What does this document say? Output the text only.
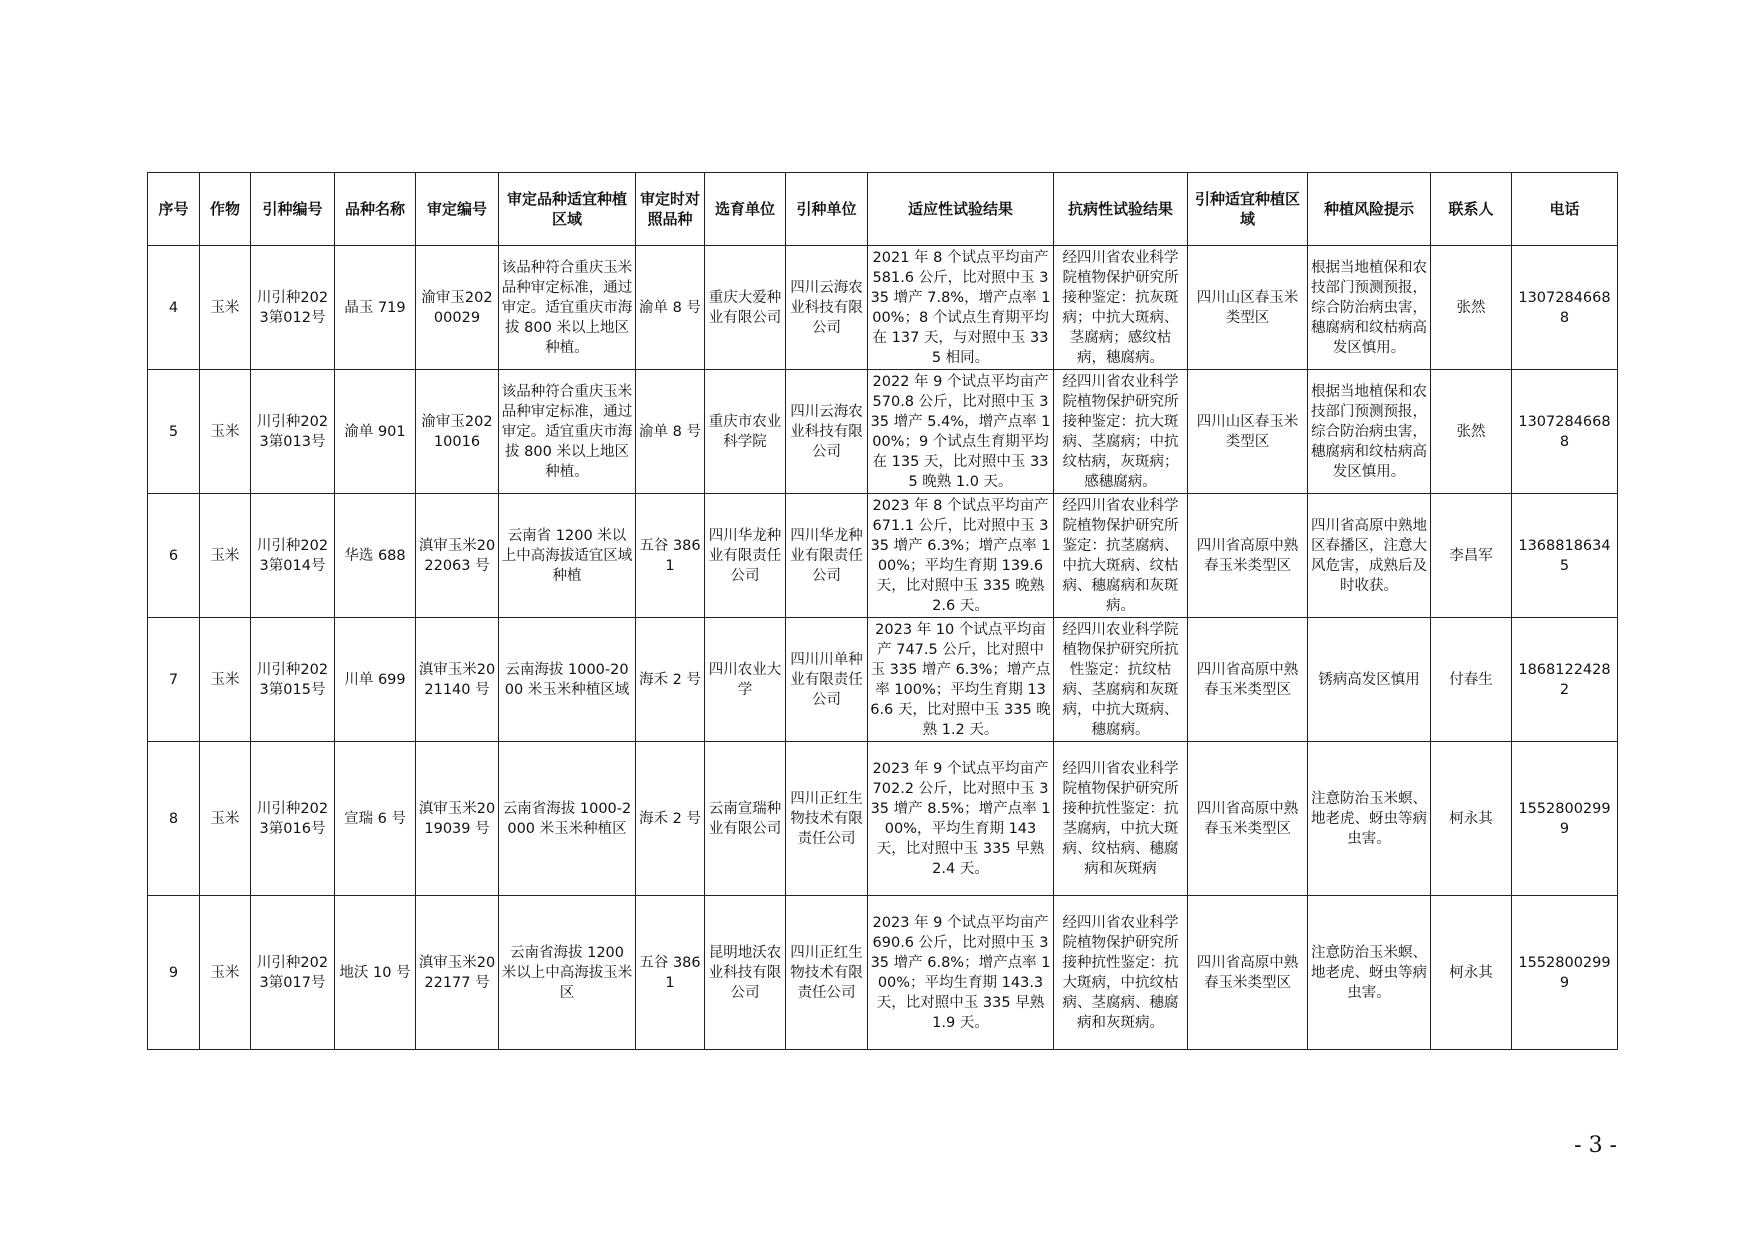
序号	作物	引种编号	品种名称	审定编号	审定品种适宜种植区域	审定时对照品种	选育单位	引种单位	适应性试验结果	抗病性试验结果	引种适宜种植区域	种植风险提示	联系人	电话
4	玉米	川引种2023第012号	晶玉 719	渝审玉20200029	该品种符合重庆玉米品种审定标准，通过审定。适宜重庆市海拔 800 米以上地区种植。	渝单 8 号	重庆大爱种业有限公司	四川云海农业科技有限公司	2021 年 8 个试点平均亩产 581.6 公斤，比对照中玉 335 增产 7.8%，增产点率 100%；8 个试点生育期平均在 137 天，与对照中玉 335 相同。	经四川省农业科学院植物保护研究所接种鉴定：抗灰斑病；中抗大斑病、茎腐病；感纹枯病，穗腐病。	四川山区春玉米类型区	根据当地植保和农技部门预测预报，综合防治病虫害，穗腐病和纹枯病高发区慎用。	张然	13072846688
5	玉米	川引种2023第013号	渝单 901	渝审玉20210016	该品种符合重庆玉米品种审定标准，通过审定。适宜重庆市海拔 800 米以上地区种植。	渝单 8 号	重庆市农业科学院	四川云海农业科技有限公司	2022 年 9 个试点平均亩产 570.8 公斤，比对照中玉 335 增产 5.4%，增产点率 100%；9 个试点生育期平均在 135 天，比对照中玉 335 晚熟 1.0 天。	经四川省农业科学院植物保护研究所接种鉴定：抗大斑病、茎腐病；中抗纹枯病，灰斑病；感穗腐病。	四川山区春玉米类型区	根据当地植保和农技部门预测预报，综合防治病虫害，穗腐病和纹枯病高发区慎用。	张然	13072846688
6	玉米	川引种2023第014号	华选 688	滇审玉米2022063 号	云南省 1200 米以上中高海拔适宜区域种植	五谷 3861	四川华龙种业有限责任公司	四川华龙种业有限责任公司	2023 年 8 个试点平均亩产 671.1 公斤，比对照中玉 335 增产 6.3%；增产点率 100%；平均生育期 139.6 天，比对照中玉 335 晚熟 2.6 天。	经四川省农业科学院植物保护研究所鉴定：抗茎腐病、中抗大斑病、纹枯病、穗腐病和灰斑病。	四川省高原中熟春玉米类型区	四川省高原中熟地区春播区，注意大风危害，成熟后及时收获。	李昌军	13688186345
7	玉米	川引种2023第015号	川单 699	滇审玉米2021140 号	云南海拔 1000-2000 米玉米种植区域	海禾 2 号	四川农业大学	四川川单种业有限责任公司	2023 年 10 个试点平均亩产 747.5 公斤，比对照中玉 335 增产 6.3%；增产点率 100%；平均生育期 136.6 天，比对照中玉 335 晚熟 1.2 天。	经四川农业科学院植物保护研究所抗性鉴定：抗纹枯病、茎腐病和灰斑病，中抗大斑病、穗腐病。	四川省高原中熟春玉米类型区	锈病高发区慎用	付春生	18681224282
8	玉米	川引种2023第016号	宣瑞 6 号	滇审玉米2019039 号	云南省海拔 1000-2000 米玉米种植区	海禾 2 号	云南宣瑞种业有限公司	四川正红生物技术有限责任公司	2023 年 9 个试点平均亩产 702.2 公斤，比对照中玉 335 增产 8.5%；增产点率 100%，平均生育期 143 天，比对照中玉 335 早熟 2.4 天。	经四川省农业科学院植物保护研究所接种抗性鉴定：抗茎腐病，中抗大斑病、纹枯病、穗腐病和灰斑病	四川省高原中熟春玉米类型区	注意防治玉米螟、地老虎、蚜虫等病虫害。	柯永其	15528002999
9	玉米	川引种2023第017号	地沃 10 号	滇审玉米2022177 号	云南省海拔 1200 米以上中高海拔玉米区	五谷 3861	昆明地沃农业科技有限公司	四川正红生物技术有限责任公司	2023 年 9 个试点平均亩产 690.6 公斤，比对照中玉 335 增产 6.8%；增产点率 100%；平均生育期 143.3 天，比对照中玉 335 早熟 1.9 天。	经四川省农业科学院植物保护研究所接种抗性鉴定：抗大斑病，中抗纹枯病、茎腐病、穗腐病和灰斑病。	四川省高原中熟春玉米类型区	注意防治玉米螟、地老虎、蚜虫等病虫害。	柯永其	15528002999
- 3 -
